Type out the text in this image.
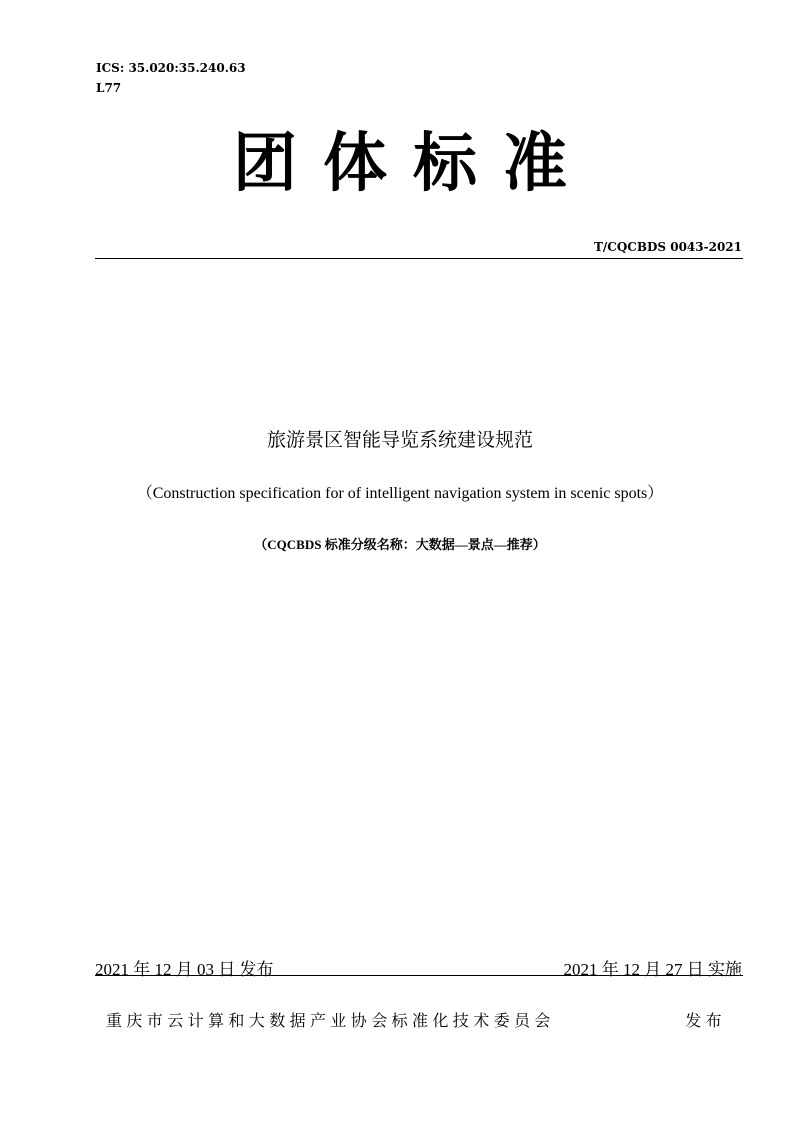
ICS: 35.020:35.240.63
L77
团体标准
T/CQCBDS 0043-2021
旅游景区智能导览系统建设规范
（Construction specification for of intelligent navigation system in scenic spots）
（CQCBDS 标准分级名称：大数据—景点—推荐）
2021 年 12 月 03 日 发布	2021 年 12 月 27 日 实施
重庆市云计算和大数据产业协会标准化技术委员会	发布
